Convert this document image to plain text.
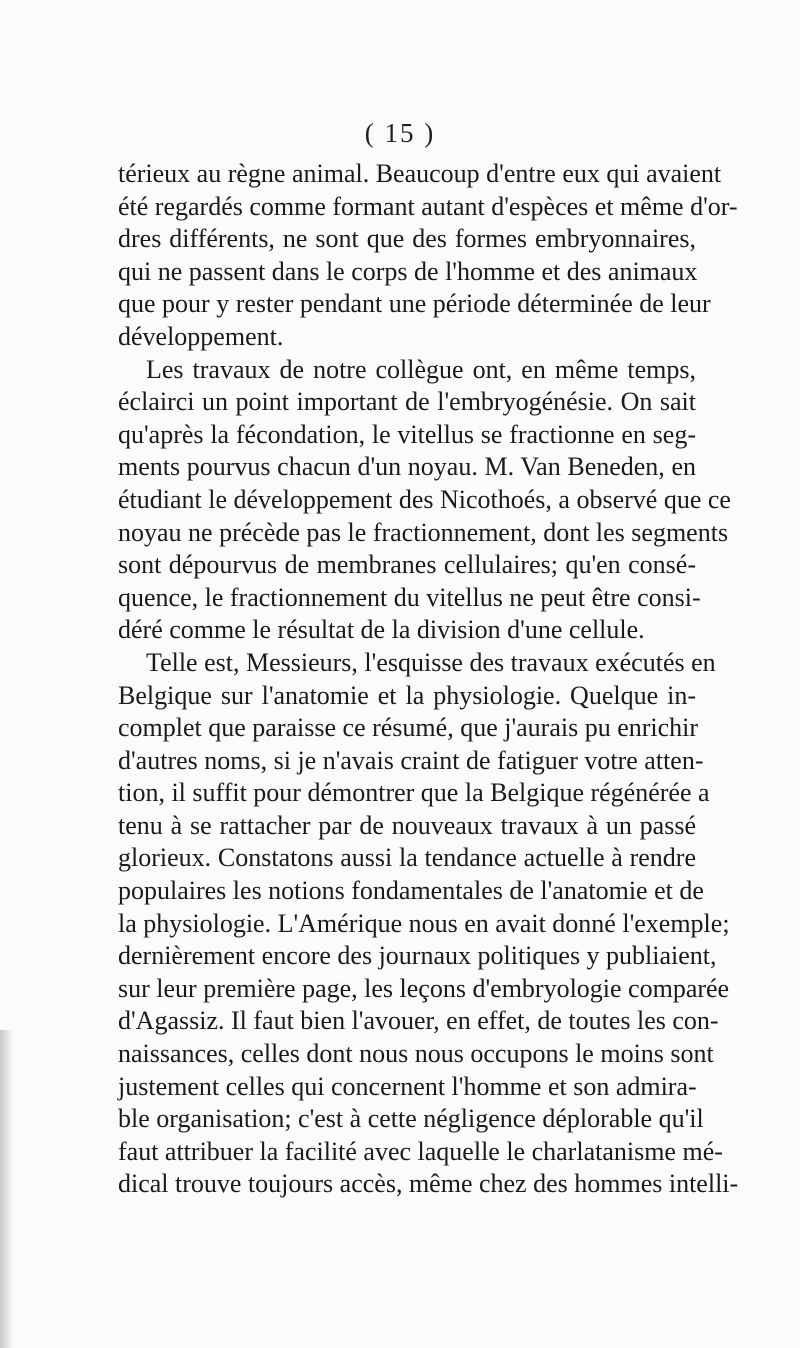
( 15 )
térieux au règne animal. Beaucoup d'entre eux qui avaient
été regardés comme formant autant d'espèces et même d'or-
dres différents, ne sont que des formes embryonnaires,
qui ne passent dans le corps de l'homme et des animaux
que pour y rester pendant une période déterminée de leur
développement.
Les travaux de notre collègue ont, en même temps,
éclairci un point important de l'embryogénésie. On sait
qu'après la fécondation, le vitellus se fractionne en seg-
ments pourvus chacun d'un noyau. M. Van Beneden, en
étudiant le développement des Nicothoés, a observé que ce
noyau ne précède pas le fractionnement, dont les segments
sont dépourvus de membranes cellulaires; qu'en consé-
quence, le fractionnement du vitellus ne peut être consi-
déré comme le résultat de la division d'une cellule.
Telle est, Messieurs, l'esquisse des travaux exécutés en
Belgique sur l'anatomie et la physiologie. Quelque in-
complet que paraisse ce résumé, que j'aurais pu enrichir
d'autres noms, si je n'avais craint de fatiguer votre atten-
tion, il suffit pour démontrer que la Belgique régénérée a
tenu à se rattacher par de nouveaux travaux à un passé
glorieux. Constatons aussi la tendance actuelle à rendre
populaires les notions fondamentales de l'anatomie et de
la physiologie. L'Amérique nous en avait donné l'exemple;
dernièrement encore des journaux politiques y publiaient,
sur leur première page, les leçons d'embryologie comparée
d'Agassiz. Il faut bien l'avouer, en effet, de toutes les con-
naissances, celles dont nous nous occupons le moins sont
justement celles qui concernent l'homme et son admira-
ble organisation; c'est à cette négligence déplorable qu'il
faut attribuer la facilité avec laquelle le charlatanisme mé-
dical trouve toujours accès, même chez des hommes intelli-
